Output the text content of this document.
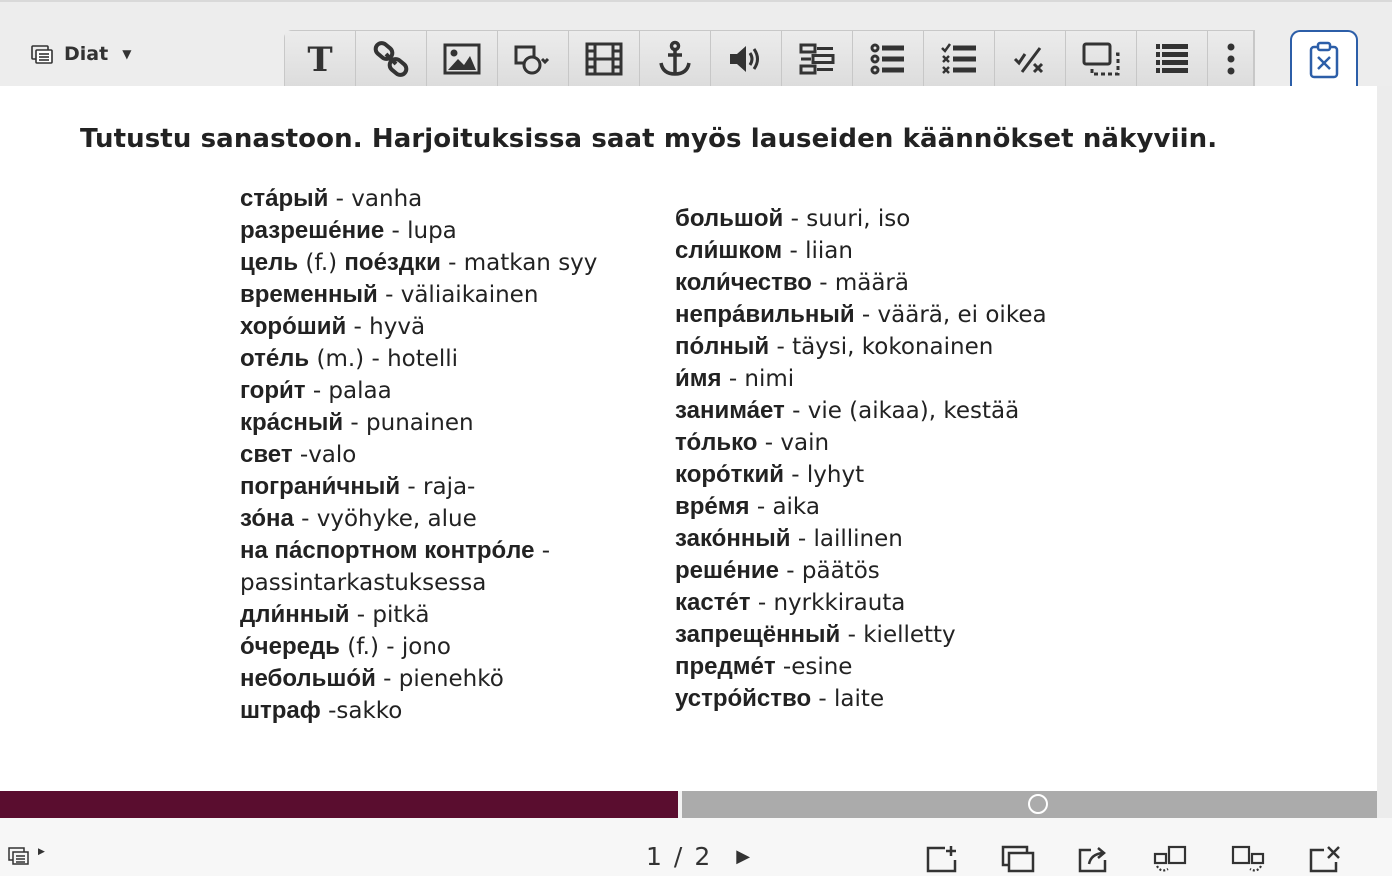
Diat ▼	T
Tutustu sanastoon. Harjoituksissa saat myös lauseiden käännökset näkyviin.
ста́рый - vanha
разреше́ние - lupa
цель (f.) пое́здки - matkan syy
временный - väliaikainen
хоро́ший - hyvä
оте́ль (m.) - hotelli
гори́т - palaa
кра́сный - punainen
свет -valo
пограни́чный - raja-
зо́на - vyöhyke, alue
на па́спортном контро́ле -
passintarkastuksessa
дли́нный - pitkä
о́чередь (f.) - jono
небольшо́й - pienehkö
штраф -sakko
большой - suuri, iso
сли́шком - liian
коли́чество - määrä
непра́вильный - väärä, ei oikea
по́лный - täysi, kokonainen
и́мя - nimi
занима́ет - vie (aikaa), kestää
то́лько - vain
коро́ткий - lyhyt
вре́мя - aika
зако́нный - laillinen
реше́ние - päätös
касте́т - nyrkkirauta
запрещённый - kielletty
предме́т -esine
устро́йство - laite
▶	1 / 2 ▶
